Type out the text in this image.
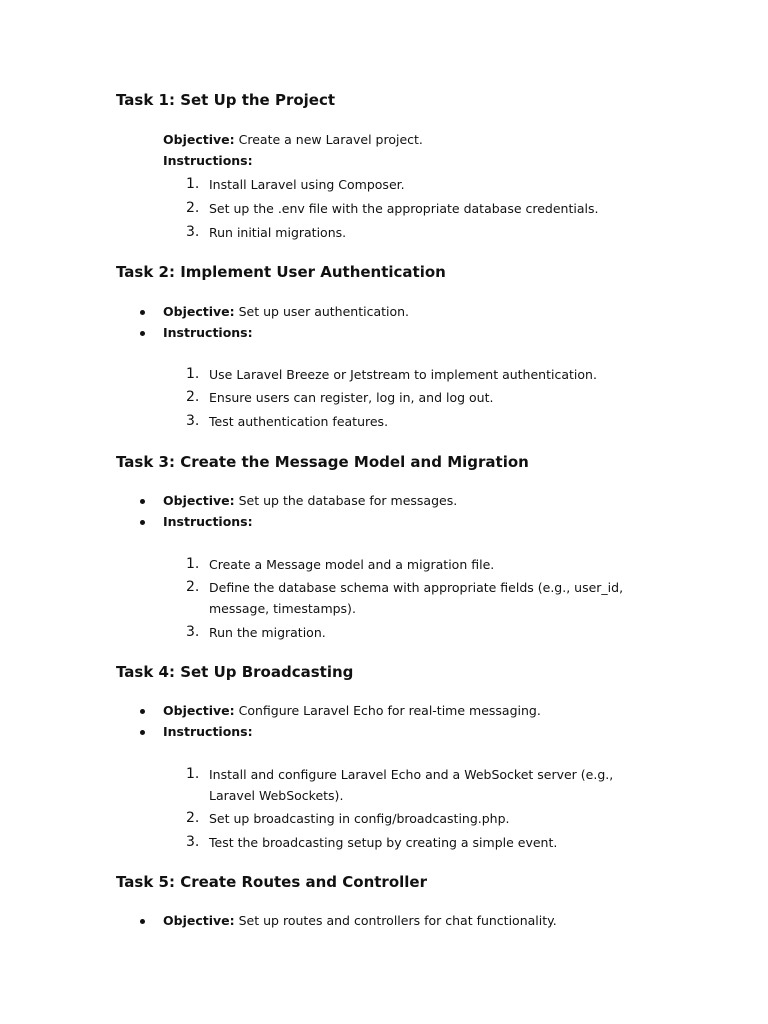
Task 1: Set Up the Project

Objective: Create a new Laravel project.

Instructions:

1. Install Laravel using Composer.
2. Set up the .env file with the appropriate database credentials.
3. Run initial migrations.
Task 2: Implement User Authentication

Objective: Set up user authentication.

Instructions:

1. Use Laravel Breeze or Jetstream to implement authentication.
2. Ensure users can register, log in, and log out.
3. Test authentication features.
Task 3: Create the Message Model and Migration

Objective: Set up the database for messages.

Instructions:

1. Create a Message model and a migration file.
2. Define the database schema with appropriate fields (e.g., user_id, message, timestamps).
3. Run the migration.
Task 4: Set Up Broadcasting

Objective: Configure Laravel Echo for real-time messaging.

Instructions:

1. Install and configure Laravel Echo and a WebSocket server (e.g., Laravel WebSockets).
2. Set up broadcasting in config/broadcasting.php.
3. Test the broadcasting setup by creating a simple event.
Task 5: Create Routes and Controller

Objective: Set up routes and controllers for chat functionality.
